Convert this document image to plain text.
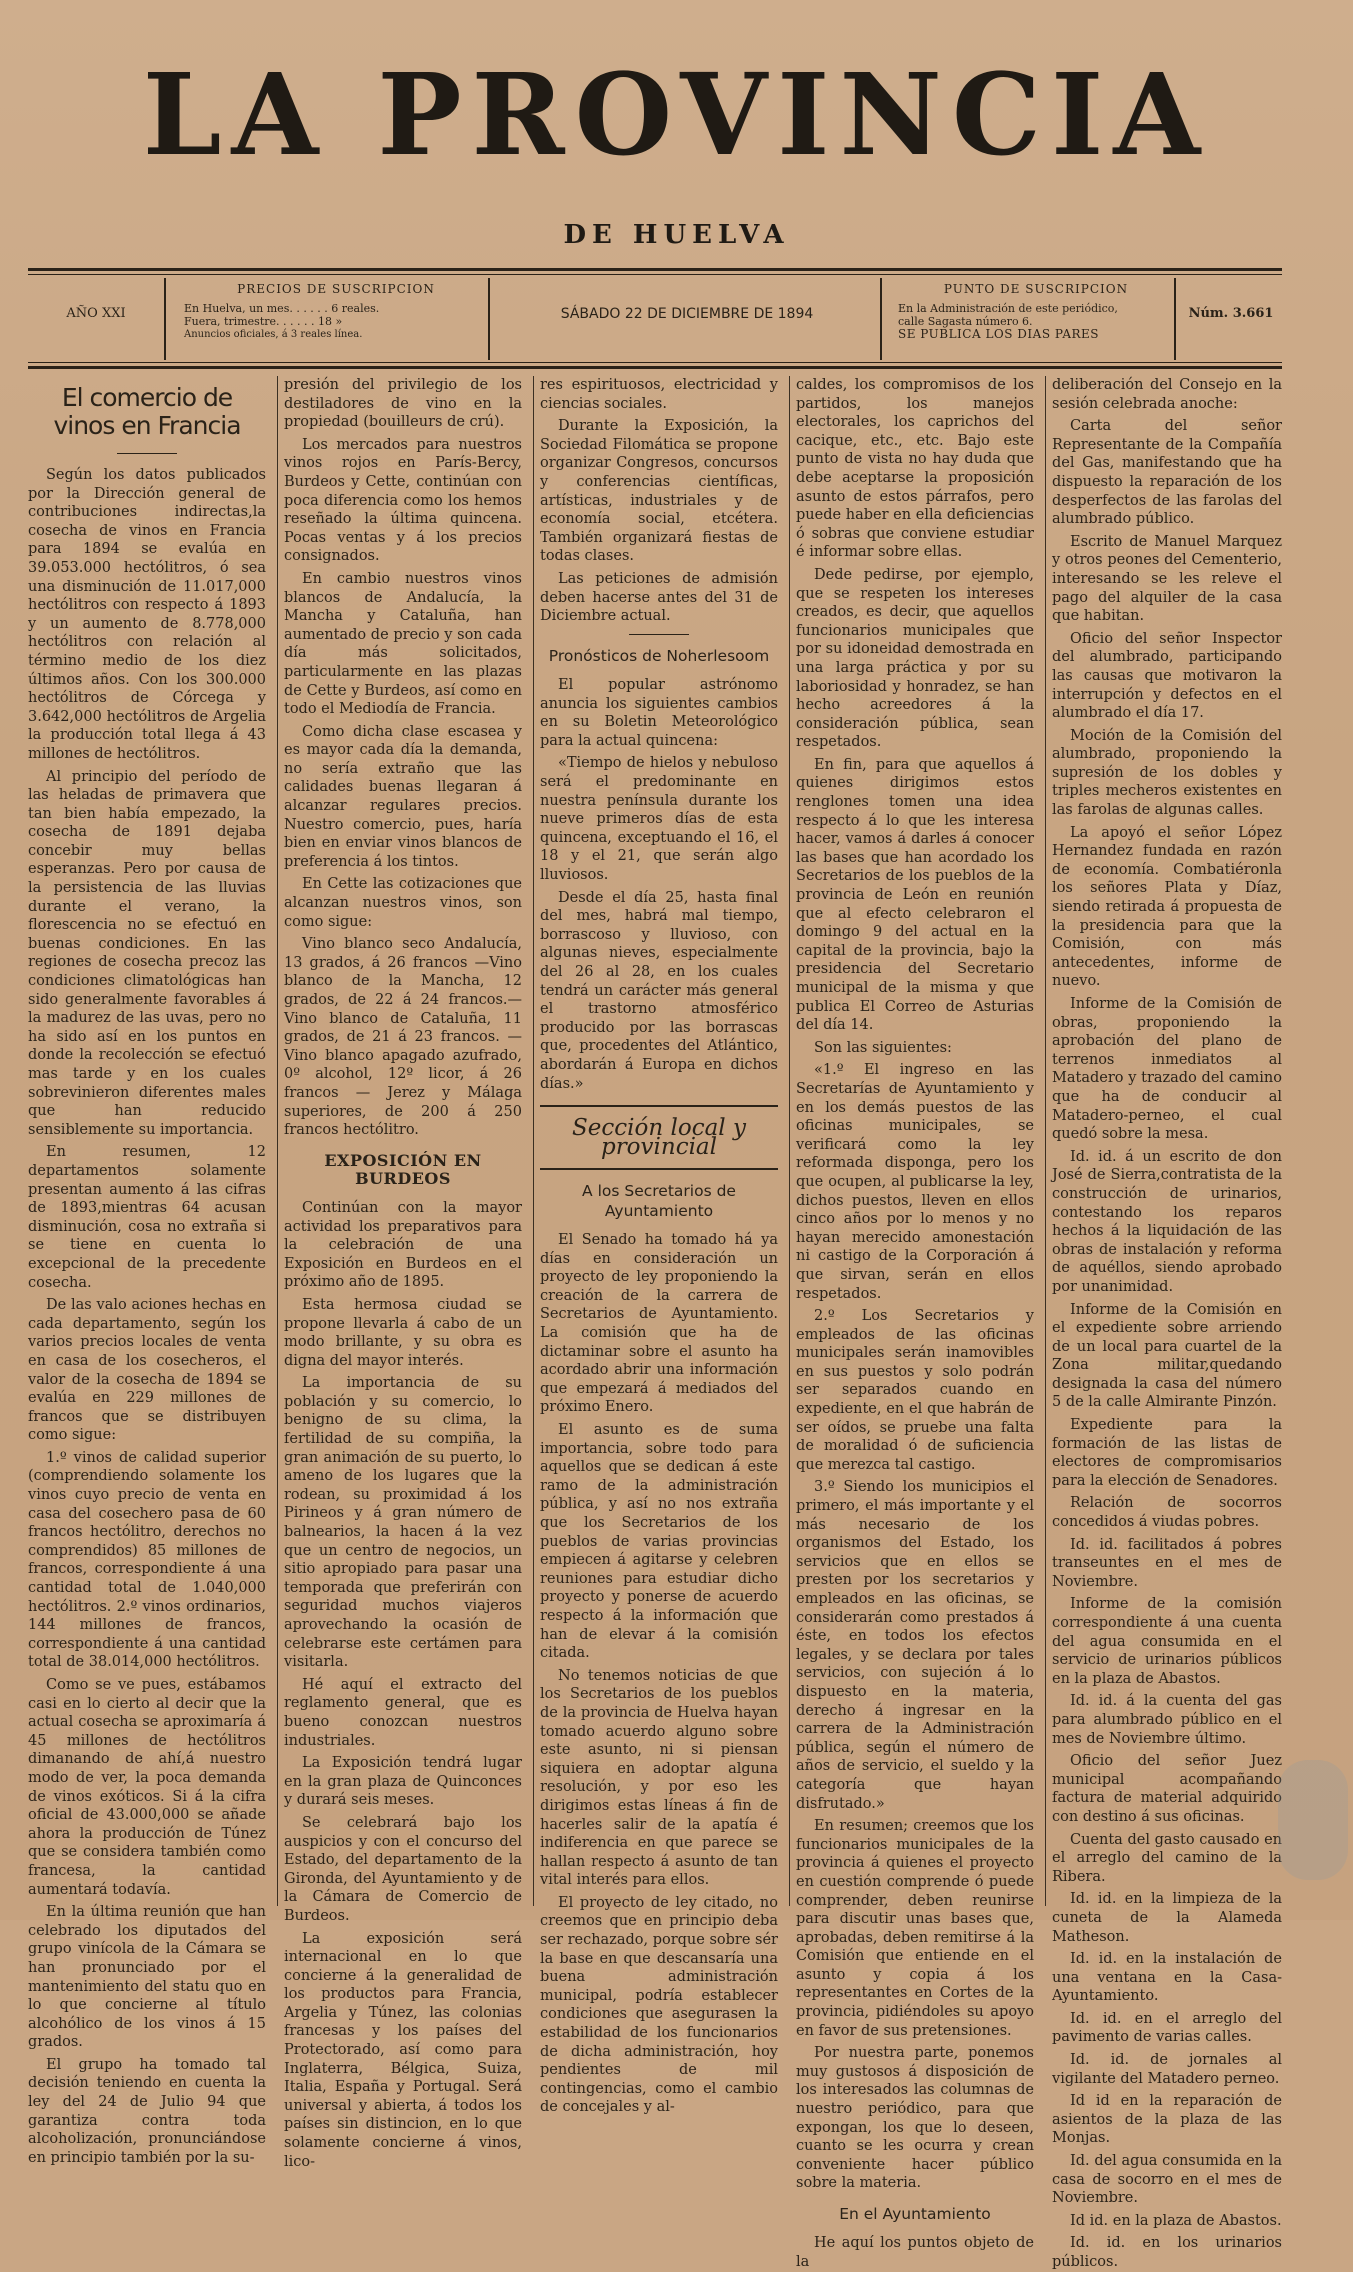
LA PROVINCIA
DE HUELVA
AÑO XXI
PRECIOS DE SUSCRIPCION
En Huelva, un mes. . . . . . 6 reales.
Fuera, trimestre. . . . . . 18 »
Anuncios oficiales, á 3 reales línea.
SÁBADO 22 DE DICIEMBRE DE 1894
PUNTO DE SUSCRIPCION
En la Administración de este periódico,
calle Sagasta número 6.
SE PUBLICA LOS DIAS PARES
Núm. 3.661
El comercio de vinos en Francia

Según los datos publicados por la Dirección general de contribuciones indirectas,la cosecha de vinos en Francia para 1894 se evalúa en 39.053.000 hectólitros, ó sea una disminución de 11.017,000 hectólitros con respecto á 1893 y un aumento de 8.778,000 hectólitros con relación al término medio de los diez últimos años. Con los 300.000 hectólitros de Córcega y 3.642,000 hectólitros de Argelia la producción total llega á 43 millones de hectólitros.

Al principio del período de las heladas de primavera que tan bien había empezado, la cosecha de 1891 dejaba concebir muy bellas esperanzas. Pero por causa de la persistencia de las lluvias durante el verano, la florescencia no se efectuó en buenas condiciones. En las regiones de cosecha precoz las condiciones climatológicas han sido generalmente favorables á la madurez de las uvas, pero no ha sido así en los puntos en donde la recolección se efectuó mas tarde y en los cuales sobrevinieron diferentes males que han reducido sensiblemente su importancia.

En resumen, 12 departamentos solamente presentan aumento á las cifras de 1893,mientras 64 acusan disminución, cosa no extraña si se tiene en cuenta lo excepcional de la precedente cosecha.

De las valo aciones hechas en cada departamento, según los varios precios locales de venta en casa de los cosecheros, el valor de la cosecha de 1894 se evalúa en 229 millones de francos que se distribuyen como sigue:

1.º vinos de calidad superior (comprendiendo solamente los vinos cuyo precio de venta en casa del cosechero pasa de 60 francos hectólitro, derechos no comprendidos) 85 millones de francos, correspondiente á una cantidad total de 1.040,000 hectólitros. 2.º vinos ordinarios, 144 millones de francos, correspondiente á una cantidad total de 38.014,000 hectólitros.

Como se ve pues, estábamos casi en lo cierto al decir que la actual cosecha se aproximaría á 45 millones de hectólitros dimanando de ahí,á nuestro modo de ver, la poca demanda de vinos exóticos. Si á la cifra oficial de 43.000,000 se añade ahora la producción de Túnez que se considera también como francesa, la cantidad aumentará todavía.

En la última reunión que han celebrado los diputados del grupo vinícola de la Cámara se han pronunciado por el mantenimiento del statu quo en lo que concierne al título alcohólico de los vinos á 15 grados.

El grupo ha tomado tal decisión teniendo en cuenta la ley del 24 de Julio 94 que garantiza contra toda alcoholización, pronunciándose en principio también por la su-

presión del privilegio de los destiladores de vino en la propiedad (bouilleurs de crú).

Los mercados para nuestros vinos rojos en París-Bercy, Burdeos y Cette, continúan con poca diferencia como los hemos reseñado la última quincena. Pocas ventas y á los precios consignados.

En cambio nuestros vinos blancos de Andalucía, la Mancha y Cataluña, han aumentado de precio y son cada día más solicitados, particularmente en las plazas de Cette y Burdeos, así como en todo el Mediodía de Francia.

Como dicha clase escasea y es mayor cada día la demanda, no sería extraño que las calidades buenas llegaran á alcanzar regulares precios. Nuestro comercio, pues, haría bien en enviar vinos blancos de preferencia á los tintos.

En Cette las cotizaciones que alcanzan nuestros vinos, son como sigue:

Vino blanco seco Andalucía, 13 grados, á 26 francos —Vino blanco de la Mancha, 12 grados, de 22 á 24 francos.—Vino blanco de Cataluña, 11 grados, de 21 á 23 francos. —Vino blanco apagado azufrado, 0º alcohol, 12º licor, á 26 francos — Jerez y Málaga superiores, de 200 á 250 francos hectólitro.

EXPOSICIÓN EN BURDEOS

Continúan con la mayor actividad los preparativos para la celebración de una Exposición en Burdeos en el próximo año de 1895.

Esta hermosa ciudad se propone llevarla á cabo de un modo brillante, y su obra es digna del mayor interés.

La importancia de su población y su comercio, lo benigno de su clima, la fertilidad de su compiña, la gran animación de su puerto, lo ameno de los lugares que la rodean, su proximidad á los Pirineos y á gran número de balnearios, la hacen á la vez que un centro de negocios, un sitio apropiado para pasar una temporada que preferirán con seguridad muchos viajeros aprovechando la ocasión de celebrarse este certámen para visitarla.

Hé aquí el extracto del reglamento general, que es bueno conozcan nuestros industriales.

La Exposición tendrá lugar en la gran plaza de Quinconces y durará seis meses.

Se celebrará bajo los auspicios y con el concurso del Estado, del departamento de la Gironda, del Ayuntamiento y de la Cámara de Comercio de Burdeos.

La exposición será internacional en lo que concierne á la generalidad de los productos para Francia, Argelia y Túnez, las colonias francesas y los países del Protectorado, así como para Inglaterra, Bélgica, Suiza, Italia, España y Portugal. Será universal y abierta, á todos los países sin distincion, en lo que solamente concierne á vinos, lico-

res espirituosos, electricidad y ciencias sociales.

Durante la Exposición, la Sociedad Filomática se propone organizar Congresos, concursos y conferencias científicas, artísticas, industriales y de economía social, etcétera. También organizará fiestas de todas clases.

Las peticiones de admisión deben hacerse antes del 31 de Diciembre actual.

Pronósticos de Noherlesoom

El popular astrónomo anuncia los siguientes cambios en su Boletin Meteorológico para la actual quincena:

«Tiempo de hielos y nebuloso será el predominante en nuestra península durante los nueve primeros días de esta quincena, exceptuando el 16, el 18 y el 21, que serán algo lluviosos.

Desde el día 25, hasta final del mes, habrá mal tiempo, borrascoso y lluvioso, con algunas nieves, especialmente del 26 al 28, en los cuales tendrá un carácter más general el trastorno atmosférico producido por las borrascas que, procedentes del Atlántico, abordarán á Europa en dichos días.»

Sección local y provincial
A los Secretarios de Ayuntamiento

El Senado ha tomado há ya días en consideración un proyecto de ley proponiendo la creación de la carrera de Secretarios de Ayuntamiento. La comisión que ha de dictaminar sobre el asunto ha acordado abrir una información que empezará á mediados del próximo Enero.

El asunto es de suma importancia, sobre todo para aquellos que se dedican á este ramo de la administración pública, y así no nos extraña que los Secretarios de los pueblos de varias provincias empiecen á agitarse y celebren reuniones para estudiar dicho proyecto y ponerse de acuerdo respecto á la información que han de elevar á la comisión citada.

No tenemos noticias de que los Secretarios de los pueblos de la provincia de Huelva hayan tomado acuerdo alguno sobre este asunto, ni si piensan siquiera en adoptar alguna resolución, y por eso les dirigimos estas líneas á fin de hacerles salir de la apatía é indiferencia en que parece se hallan respecto á asunto de tan vital interés para ellos.

El proyecto de ley citado, no creemos que en principio deba ser rechazado, porque sobre sér la base en que descansaría una buena administración municipal, podría establecer condiciones que asegurasen la estabilidad de los funcionarios de dicha administración, hoy pendientes de mil contingencias, como el cambio de concejales y al-

caldes, los compromisos de los partidos, los manejos electorales, los caprichos del cacique, etc., etc. Bajo este punto de vista no hay duda que debe aceptarse la proposición asunto de estos párrafos, pero puede haber en ella deficiencias ó sobras que conviene estudiar é informar sobre ellas.

Dede pedirse, por ejemplo, que se respeten los intereses creados, es decir, que aquellos funcionarios municipales que por su idoneidad demostrada en una larga práctica y por su laboriosidad y honradez, se han hecho acreedores á la consideración pública, sean respetados.

En fin, para que aquellos á quienes dirigimos estos renglones tomen una idea respecto á lo que les interesa hacer, vamos á darles á conocer las bases que han acordado los Secretarios de los pueblos de la provincia de León en reunión que al efecto celebraron el domingo 9 del actual en la capital de la provincia, bajo la presidencia del Secretario municipal de la misma y que publica El Correo de Asturias del día 14.

Son las siguientes:

«1.º El ingreso en las Secretarías de Ayuntamiento y en los demás puestos de las oficinas municipales, se verificará como la ley reformada disponga, pero los que ocupen, al publicarse la ley, dichos puestos, lleven en ellos cinco años por lo menos y no hayan merecido amonestación ni castigo de la Corporación á que sirvan, serán en ellos respetados.

2.º Los Secretarios y empleados de las oficinas municipales serán inamovibles en sus puestos y solo podrán ser separados cuando en expediente, en el que habrán de ser oídos, se pruebe una falta de moralidad ó de suficiencia que merezca tal castigo.

3.º Siendo los municipios el primero, el más importante y el más necesario de los organismos del Estado, los servicios que en ellos se presten por los secretarios y empleados en las oficinas, se considerarán como prestados á éste, en todos los efectos legales, y se declara por tales servicios, con sujeción á lo dispuesto en la materia, derecho á ingresar en la carrera de la Administración pública, según el número de años de servicio, el sueldo y la categoría que hayan disfrutado.»

En resumen; creemos que los funcionarios municipales de la provincia á quienes el proyecto en cuestión comprende ó puede comprender, deben reunirse para discutir unas bases que, aprobadas, deben remitirse á la Comisión que entiende en el asunto y copia á los representantes en Cortes de la provincia, pidiéndoles su apoyo en favor de sus pretensiones.

Por nuestra parte, ponemos muy gustosos á disposición de los interesados las columnas de nuestro periódico, para que expongan, los que lo deseen, cuanto se les ocurra y crean conveniente hacer público sobre la materia.

En el Ayuntamiento

He aquí los puntos objeto de la

deliberación del Consejo en la sesión celebrada anoche:

Carta del señor Representante de la Compañía del Gas, manifestando que ha dispuesto la reparación de los desperfectos de las farolas del alumbrado público.

Escrito de Manuel Marquez y otros peones del Cementerio, interesando se les releve el pago del alquiler de la casa que habitan.

Oficio del señor Inspector del alumbrado, participando las causas que motivaron la interrupción y defectos en el alumbrado el día 17.

Moción de la Comisión del alumbrado, proponiendo la supresión de los dobles y triples mecheros existentes en las farolas de algunas calles.

La apoyó el señor López Hernandez fundada en razón de economía. Combatiéronla los señores Plata y Díaz, siendo retirada á propuesta de la presidencia para que la Comisión, con más antecedentes, informe de nuevo.

Informe de la Comisión de obras, proponiendo la aprobación del plano de terrenos inmediatos al Matadero y trazado del camino que ha de conducir al Matadero-perneo, el cual quedó sobre la mesa.

Id. id. á un escrito de don José de Sierra,contratista de la construcción de urinarios, contestando los reparos hechos á la liquidación de las obras de instalación y reforma de aquéllos, siendo aprobado por unanimidad.

Informe de la Comisión en el expediente sobre arriendo de un local para cuartel de la Zona militar,quedando designada la casa del número 5 de la calle Almirante Pinzón.

Expediente para la formación de las listas de electores de compromisarios para la elección de Senadores.

Relación de socorros concedidos á viudas pobres.

Id. id. facilitados á pobres transeuntes en el mes de Noviembre.

Informe de la comisión correspondiente á una cuenta del agua consumida en el servicio de urinarios públicos en la plaza de Abastos.

Id. id. á la cuenta del gas para alumbrado público en el mes de Noviembre último.

Oficio del señor Juez municipal acompañando factura de material adquirido con destino á sus oficinas.

Cuenta del gasto causado en el arreglo del camino de la Ribera.

Id. id. en la limpieza de la cuneta de la Alameda Matheson.

Id. id. en la instalación de una ventana en la Casa-Ayuntamiento.

Id. id. en el arreglo del pavimento de varias calles.

Id. id. de jornales al vigilante del Matadero perneo.

Id id en la reparación de asientos de la plaza de las Monjas.

Id. del agua consumida en la casa de socorro en el mes de Noviembre.

Id id. en la plaza de Abastos.

Id. id. en los urinarios públicos.
